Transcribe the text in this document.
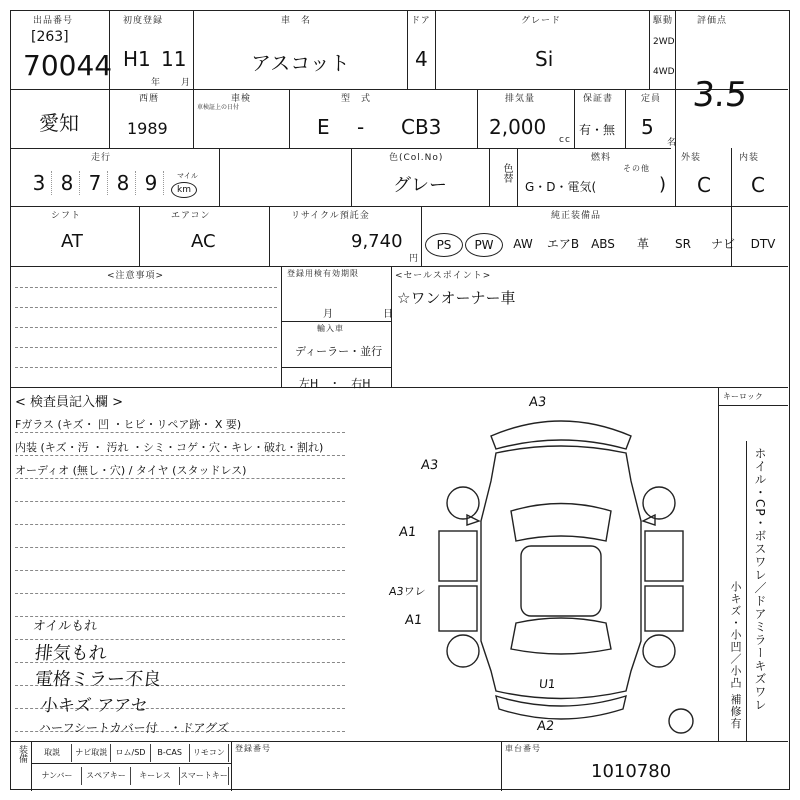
出品番号
[263]
70044
初度登録
H1 11
年 月
車　名
アスコット
ドア
4
グレード
Si
駆動
2WD
4WD
評価点
3.5
愛知
西暦
1989
車検
車検証上の日付
型　式
E - CB3
排気量
2,000
cc
保証書
有・無
定員
5
名
走行
3 8 7 8 9	マイル
km
色(Col.No)
グレー
色替
燃料
その他
G・D・電気(	)
外装
C
内装
C
シフト
AT
エアコン
AC
リサイクル預託金
9,740
円
純正装備品
PS	PW	AW	エアB ABS	革	SR	ナビ	DTV
<注意事項>	登録用検有効期限
月	日
輸入車
ディーラー・並行
左H　・　右H
<セールスポイント>
☆ワンオーナー車
< 検査員記入欄 >
Fガラス (キズ・ 凹 ・ヒビ・リペア跡・ X 要)
内装 (キズ・汚 ・ 汚れ ・シミ・コゲ・穴・キレ・破れ・割れ)
オーディオ (無し・穴) / タイヤ (スタッドレス)
オイルもれ
排気もれ
電格ミラー不良
小キズ アアセ
ハーフシートカバー付　・ドアグズ
キーロック
ホイル・CP・ボスワレ／ドアミラーキズワレ
小キズ・小凹／小凸 補修有
A3
A3
A1
A3ワレ
A1
U1
A2
装備	取説	ナビ取説	ロム/SD	B-CAS	リモコン
ナンバー	スペアキー	キーレス	スマートキー
登録番号	車台番号
1010780
